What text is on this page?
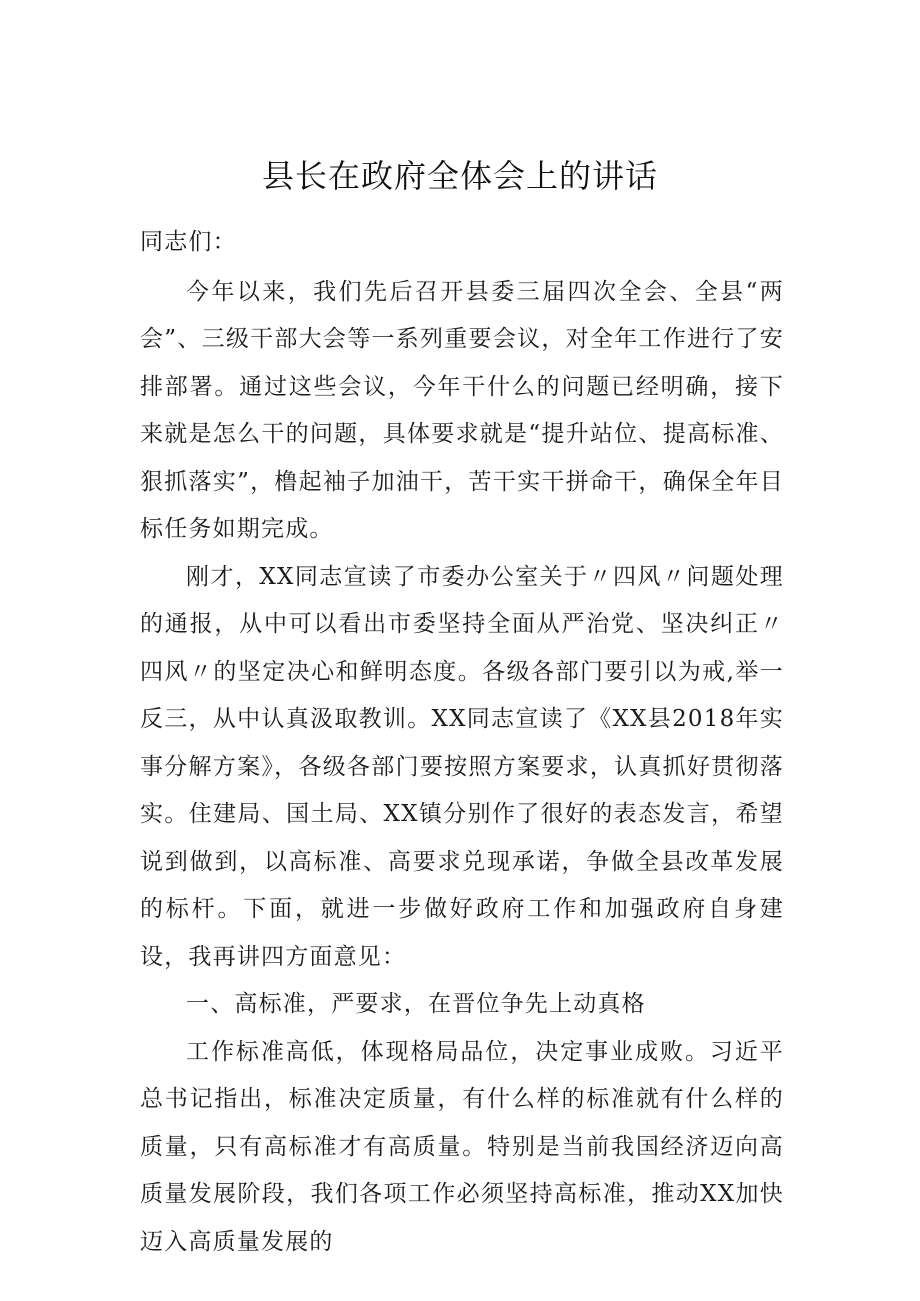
县长在政府全体会上的讲话

同志们：

今年以来，我们先后召开县委三届四次全会、全县“两会”、三级干部大会等一系列重要会议，对全年工作进行了安排部署。通过这些会议，今年干什么的问题已经明确，接下来就是怎么干的问题，具体要求就是“提升站位、提高标准、狠抓落实”，橹起袖子加油干，苦干实干拼命干，确保全年目标任务如期完成。

刚才，XX同志宣读了市委办公室关于〃四风〃问题处理的通报，从中可以看出市委坚持全面从严治党、坚决纠正〃四风〃的坚定决心和鲜明态度。各级各部门要引以为戒,举一反三，从中认真汲取教训。XX同志宣读了《XX县2018年实事分解方案》，各级各部门要按照方案要求，认真抓好贯彻落实。住建局、国土局、XX镇分别作了很好的表态发言，希望说到做到，以高标准、高要求兑现承诺，争做全县改革发展的标杆。下面，就进一步做好政府工作和加强政府自身建设，我再讲四方面意见：

一、高标准，严要求，在晋位争先上动真格

工作标准高低，体现格局品位，决定事业成败。习近平总书记指出，标准决定质量，有什么样的标准就有什么样的质量，只有高标准才有高质量。特别是当前我国经济迈向高质量发展阶段，我们各项工作必须坚持高标准，推动XX加快迈入高质量发展的
